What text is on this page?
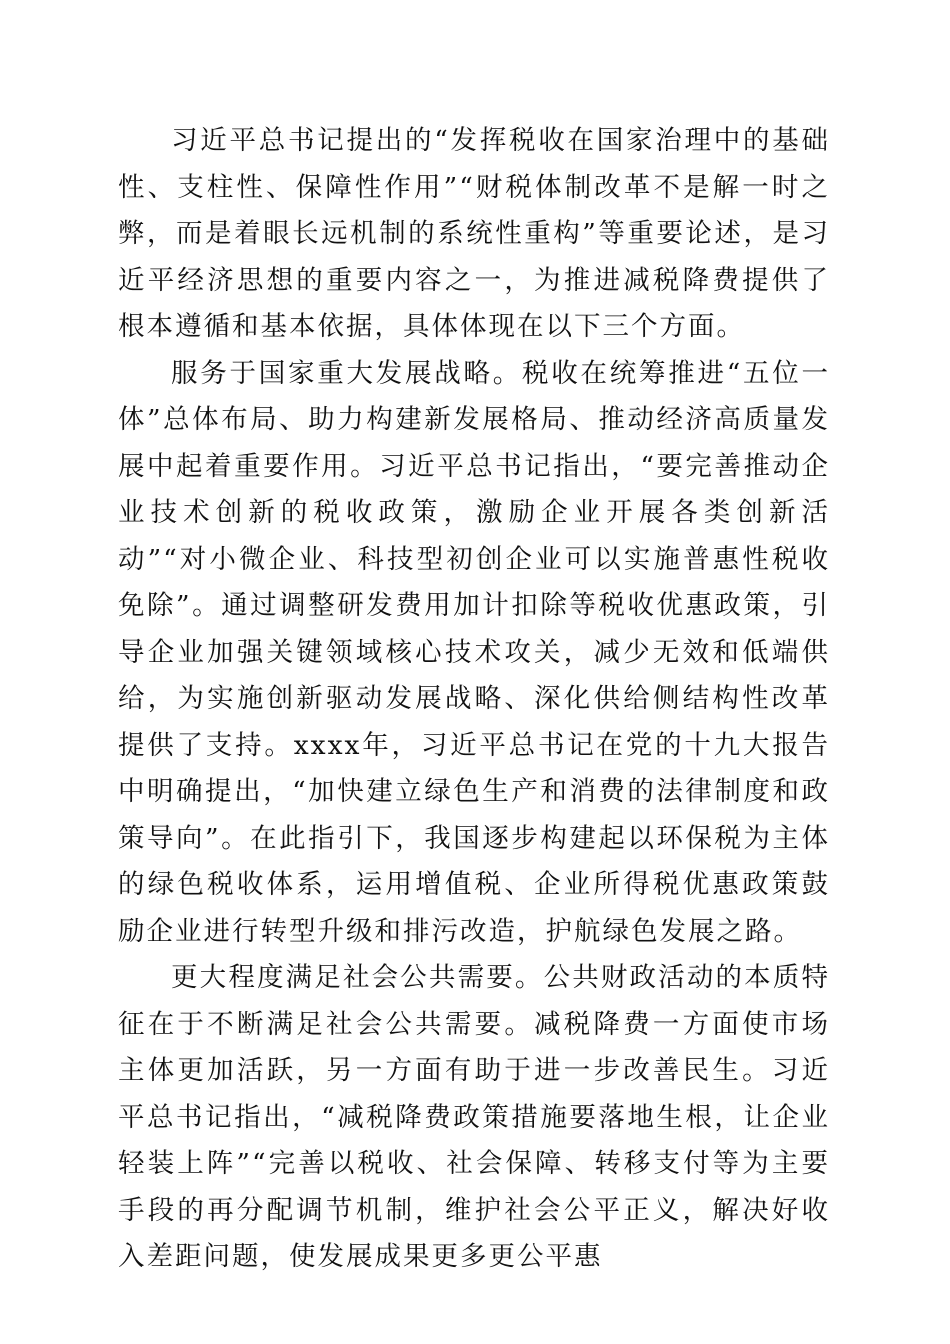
习近平总书记提出的“发挥税收在国家治理中的基础性、支柱性、保障性作用”“财税体制改革不是解一时之弊，而是着眼长远机制的系统性重构”等重要论述，是习近平经济思想的重要内容之一，为推进减税降费提供了根本遵循和基本依据，具体体现在以下三个方面。

服务于国家重大发展战略。税收在统筹推进“五位一体”总体布局、助力构建新发展格局、推动经济高质量发展中起着重要作用。习近平总书记指出，“要完善推动企业技术创新的税收政策，激励企业开展各类创新活动”“对小微企业、科技型初创企业可以实施普惠性税收免除”。通过调整研发费用加计扣除等税收优惠政策，引导企业加强关键领域核心技术攻关，减少无效和低端供给，为实施创新驱动发展战略、深化供给侧结构性改革提供了支持。xxxx年，习近平总书记在党的十九大报告中明确提出，“加快建立绿色生产和消费的法律制度和政策导向”。在此指引下，我国逐步构建起以环保税为主体的绿色税收体系，运用增值税、企业所得税优惠政策鼓励企业进行转型升级和排污改造，护航绿色发展之路。

更大程度满足社会公共需要。公共财政活动的本质特征在于不断满足社会公共需要。减税降费一方面使市场主体更加活跃，另一方面有助于进一步改善民生。习近平总书记指出，“减税降费政策措施要落地生根，让企业轻装上阵”“完善以税收、社会保障、转移支付等为主要手段的再分配调节机制，维护社会公平正义，解决好收入差距问题，使发展成果更多更公平惠
